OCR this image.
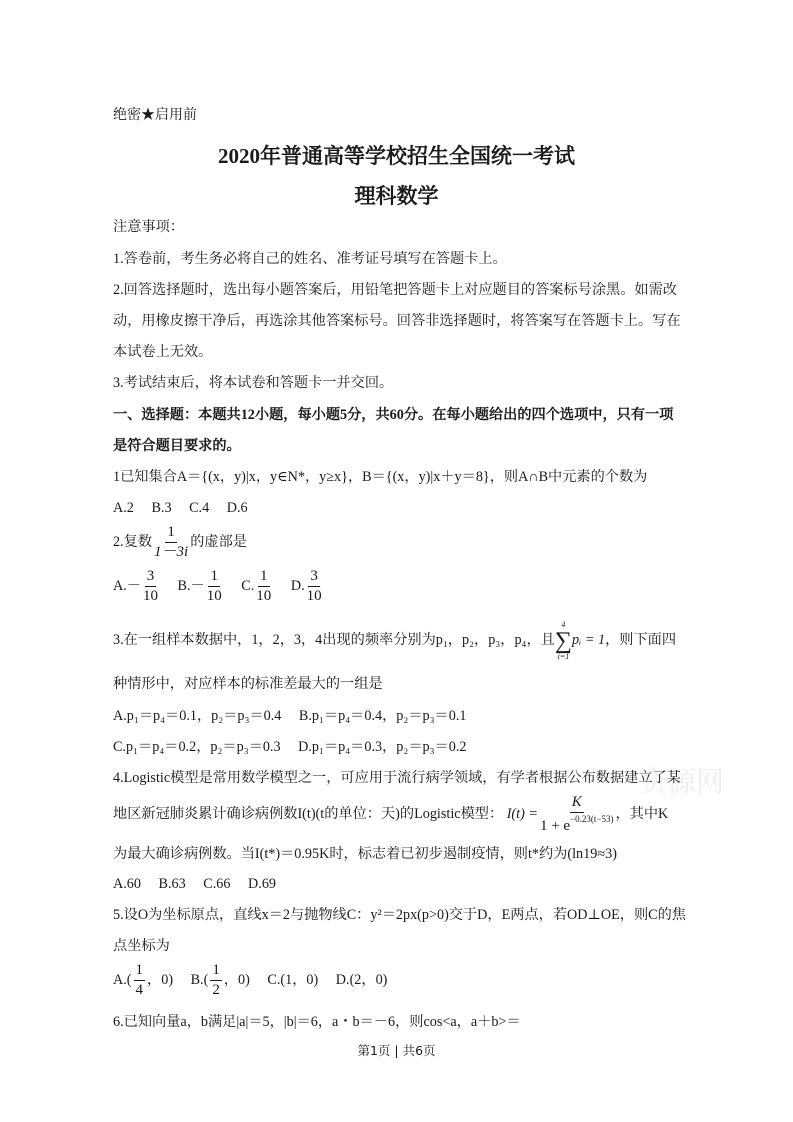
资源网
绝密★启用前
2020年普通高等学校招生全国统一考试
理科数学
注意事项：
1.答卷前，考生务必将自己的姓名、准考证号填写在答题卡上。
2.回答选择题时，选出每小题答案后，用铅笔把答题卡上对应题目的答案标号涂黑。如需改
动，用橡皮擦干净后，再选涂其他答案标号。回答非选择题时，将答案写在答题卡上。写在
本试卷上无效。
3.考试结束后，将本试卷和答题卡一并交回。
一、选择题：本题共12小题，每小题5分，共60分。在每小题给出的四个选项中，只有一项
是符合题目要求的。
1已知集合A＝{(x，y)|x，y∈N*，y≥x}，B＝{(x，y)|x＋y＝8}，则A∩B中元素的个数为
A.2 B.3 C.4 D.6
2.复数 $\frac{1}{1-3i}$ 的虚部是
$A.- \frac{3}{10} B.- \frac{1}{10} C$. $\frac{1}{10} D$. $\frac{3}{10}$
3.在一组样本数据中，1，2，3，4出现的频率分别为p₁，p₂，p₃，p₄，且
4
∑
i=1
pᵢ = 1，则下面四
种情形中，对应样本的标准差最大的一组是
A.p₁＝p₄＝0.1，p₂＝p₃＝0.4 B.p₁＝p₄＝0.4，p₂＝p₃＝0.1
C.p₁＝p₄＝0.2，p₂＝p₃＝0.3 D.p₁＝p₄＝0.3，p₂＝p₃＝0.2
4.Logistic模型是常用数学模型之一，可应用于流行病学领域，有学者根据公布数据建立了某
地区新冠肺炎累计确诊病例数I(t)(t的单位：天)的Logistic模型： $I(t) = \frac{K}{1 + e^{-0.23(t-53)}}$ ，其中K
为最大确诊病例数。当I(t*)＝0.95K时，标志着已初步遏制疫情，则t*约为(ln19≈3)
A.60 B.63 C.66 D.69
5.设O为坐标原点，直线x＝2与抛物线C：y²＝2px(p>0)交于D，E两点，若OD⊥OE，则C的焦
点坐标为
$A.( \frac{1}{4}$ ，0) $B.( \frac{1}{2}$ ，0) C.(1，0) D.(2，0)
6.已知向量a，b满足|a|＝5，|b|＝6，a・b＝－6，则cos<a，a＋b>＝
第1页 | 共6页
